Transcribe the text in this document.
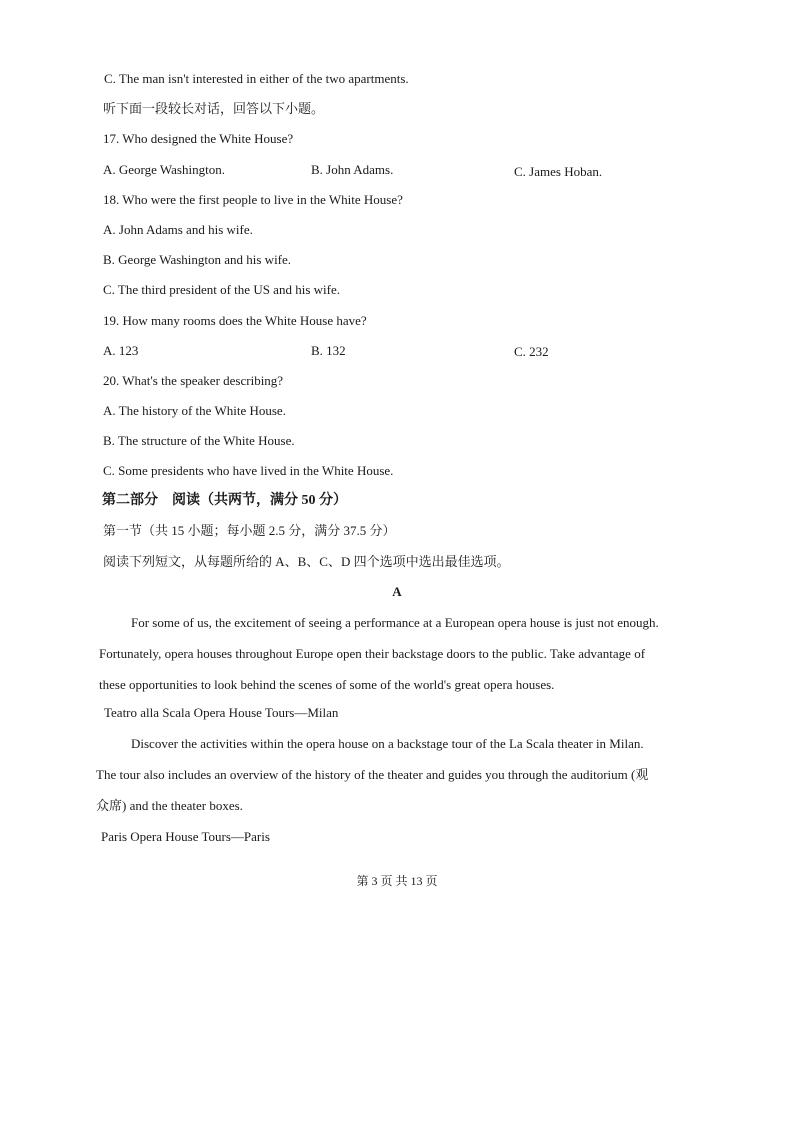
C. The man isn't interested in either of the two apartments.
听下面一段较长对话，回答以下小题。
17. Who designed the White House?
A. George Washington.	B. John Adams.	C. James Hoban.
18. Who were the first people to live in the White House?
A. John Adams and his wife.
B. George Washington and his wife.
C. The third president of the US and his wife.
19. How many rooms does the White House have?
A. 123	B. 132	C. 232
20. What's the speaker describing?
A. The history of the White House.
B. The structure of the White House.
C. Some presidents who have lived in the White House.
第二部分　阅读（共两节，满分 50 分）
第一节（共 15 小题；每小题 2.5 分，满分 37.5 分）
阅读下列短文，从每题所给的 A、B、C、D 四个选项中选出最佳选项。
A
For some of us, the excitement of seeing a performance at a European opera house is just not enough.
Fortunately, opera houses throughout Europe open their backstage doors to the public. Take advantage of
these opportunities to look behind the scenes of some of the world's great opera houses.
Teatro alla Scala Opera House Tours—Milan
Discover the activities within the opera house on a backstage tour of the La Scala theater in Milan.
The tour also includes an overview of the history of the theater and guides you through the auditorium (观
众席) and the theater boxes.
Paris Opera House Tours—Paris
第 3 页 共 13 页
